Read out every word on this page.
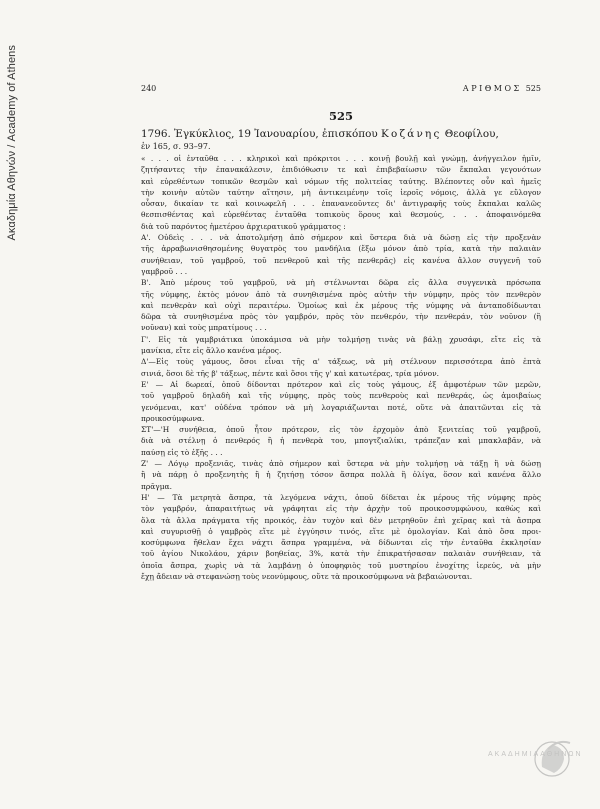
Ακαδημία Αθηνών / Academy of Athens	240	ΑΡΙΘΜΟΣ 525
525
1796. Ἐγκύκλιος, 19 Ἰανουαρίου, ἐπισκόπου Κοζάνης Θεοφίλου,
ἐν 165, σ. 93–97.

« . . . οἱ ἐνταῦθα . . . κληρικοὶ καὶ πρόκριτοι . . . κοινῇ βουλῇ καὶ γνώμῃ, ἀνήγγειλον ἡμῖν,

ζητήσαντες τὴν ἐπανακάλεσιν, ἐπιδιόθωσιν τε καὶ ἐπιβεβαίωσιν τῶν ἔκπαλαι γεγονότων

καὶ εὑρεθέντων τοπικῶν θεσμῶν καὶ νόμων τῆς πολιτείας ταύτης. Βλέποντες οὖν καὶ ἡμεῖς

τὴν κοινὴν αὐτῶν ταύτην αἴτησιν, μὴ ἀντικειμένην τοῖς ἱεροῖς νόμοις, ἀλλὰ γε εὔλογον

οὖσαν, δικαίαν τε καὶ κοινωφελῆ . . . ἐπανανεοῦντες δι' ἀντιγραφῆς τοὺς ἔκπαλαι καλῶς

θεσπισθέντας καὶ εὑρεθέντας ἐνταῦθα τοπικοὺς ὅρους καὶ θεσμούς, . . . ἀποφαινόμεθα

διὰ τοῦ παρόντος ἡμετέρου ἀρχιερατικοῦ γράμματος :

Α'. Οὐδεὶς . . . νὰ ἀποτολμήσῃ ἀπὸ σήμερον καὶ ὕστερα διὰ νὰ δώσῃ εἰς τὴν προξενὰν

τῆς ἀρραβωνισθησομένης θυγατρὸς του μανδήλια (ἔξω μόνον ἀπὸ τρία, κατὰ τὴν παλαιὰν

συνήθειαν, τοῦ γαμβροῦ, τοῦ πενθεροῦ καὶ τῆς πενθερᾶς) εἰς κανένα ἄλλον συγγενῆ τοῦ

γαμβροῦ . . .

Β'. Ἀπὸ μέρους τοῦ γαμβροῦ, νὰ μὴ στέλνωνται δῶρα εἰς ἄλλα συγγενικὰ πρόσωπα

τῆς νύμφης, ἐκτὸς μόνον ἀπὸ τὰ συνηθισμένα πρὸς αὐτὴν τὴν νύμφην, πρὸς τὸν πενθερὸν

καὶ πενθερὰν καὶ οὐχὶ περαιτέρω. Ὁμοίως καὶ ἐκ μέρους τῆς νύμφης νὰ ἀνταποδίδωνται

δῶρα τὰ συνηθισμένα πρὸς τὸν γαμβρόν, πρὸς τὸν πενθερόν, τὴν πενθεράν, τὸν νοῦνον (ἢ

νοῦναν) καὶ τοὺς μπρατίμους . . .

Γ'. Εἰς τὰ γαμβριάτικα ὑποκάμισα νὰ μὴν τολμήσῃ τινὰς νὰ βάλῃ χρυσάφι, εἴτε εἰς τὰ

μανίκια, εἴτε εἰς ἄλλο κανένα μέρος.

Δ'—Εἰς τοὺς γάμους, ὅσοι εἶναι τῆς α' τάξεως, νὰ μὴ στέλνουν περισσότερα ἀπὸ ἑπτὰ

σινιά, ὅσοι δὲ τῆς β' τάξεως, πέντε καὶ ὅσοι τῆς γ' καὶ κατωτέρας, τρία μόνον.

Ε' — Αἱ δωρεαί, ὁποῦ δίδονται πρότερον καὶ εἰς τοὺς γάμους, ἐξ ἀμφοτέρων τῶν μερῶν,

τοῦ γαμβροῦ δηλαδὴ καὶ τῆς νύμφης, πρὸς τοὺς πενθεροὺς καὶ πενθεράς, ὡς ἀμοιβαίως

γενόμεναι, κατ' οὐδένα τρόπον νὰ μὴ λογαριάζωνται ποτέ, οὔτε νὰ ἀπαιτῶνται εἰς τὰ

προικοσύμφωνα.

ΣΤ'—'Η συνήθεια, ὁποῦ ἦτον πρότερον, εἰς τὸν ἐρχομὸν ἀπὸ ξενιτείας τοῦ γαμβροῦ,

διὰ νὰ στέλνῃ ὁ πενθερός ἢ ἡ πενθερὰ του, μπογτζιαλίκι, τράπεζαν καὶ μπακλαβᾶν, νὰ

παύσῃ εἰς τὸ ἑξῆς . . .

Ζ' — Λόγῳ προξενιᾶς, τινὰς ἀπὸ σήμερον καὶ ὕστερα νὰ μὴν τολμήσῃ νὰ τάξῃ ἢ νὰ δώσῃ

ἢ νὰ πάρῃ ὁ προξενητὴς ἢ ἡ ζητήσῃ τόσον ἄσπρα πολλὰ ἢ ὀλίγα, ὅσον καὶ κανένα ἄλλο

πρᾶγμα.

Η' — Τὰ μετρητὰ ἄσπρα, τὰ λεγόμενα νάχτι, ὁποῦ δίδεται ἐκ μέρους τῆς νύμφης πρὸς

τὸν γαμβρόν, ἀπαραιτήτως νὰ γράφηται εἰς τὴν ἀρχὴν τοῦ προικοσυμφώνου, καθὼς καὶ

ὅλα τὰ ἄλλα πράγματα τῆς προικός, ἐὰν τυχὸν καὶ δὲν μετρηθοῦν ἐπὶ χεῖρας καὶ τὰ ἄσπρα

καὶ συγυρισθῇ ὁ γαμβρὸς εἴτε μὲ ἐγγύησιν τινός, εἴτε μὲ ὁμολογίαν. Καὶ ἀπὸ ὅσα προι-

κοσύμφωνα ἤθελαν ἔχει νάχτι ἄσπρα γραμμένα, νὰ δίδωνται εἰς τὴν ἐνταῦθα ἐκκλησίαν

τοῦ ἁγίου Νικολάου, χάριν βοηθείας, 3%, κατὰ τὴν ἐπικρατήσασαν παλαιὰν συνήθειαν, τὰ

ὁποῖα ἄσπρα, χωρὶς νὰ τὰ λαμβάνῃ ὁ ὑποφηφιὸς τοῦ μυστηρίου ἐνοχίτης ἱερεύς, νὰ μὴν

ἔχῃ ἄδειαν νὰ στεφανώσῃ τοὺς νεονύμφους, οὔτε τὰ προικοσύμφωνα νὰ βεβαιώνονται.

ΑΚΑΔΗΜΙΑ ΑΘΗΝΩΝ
